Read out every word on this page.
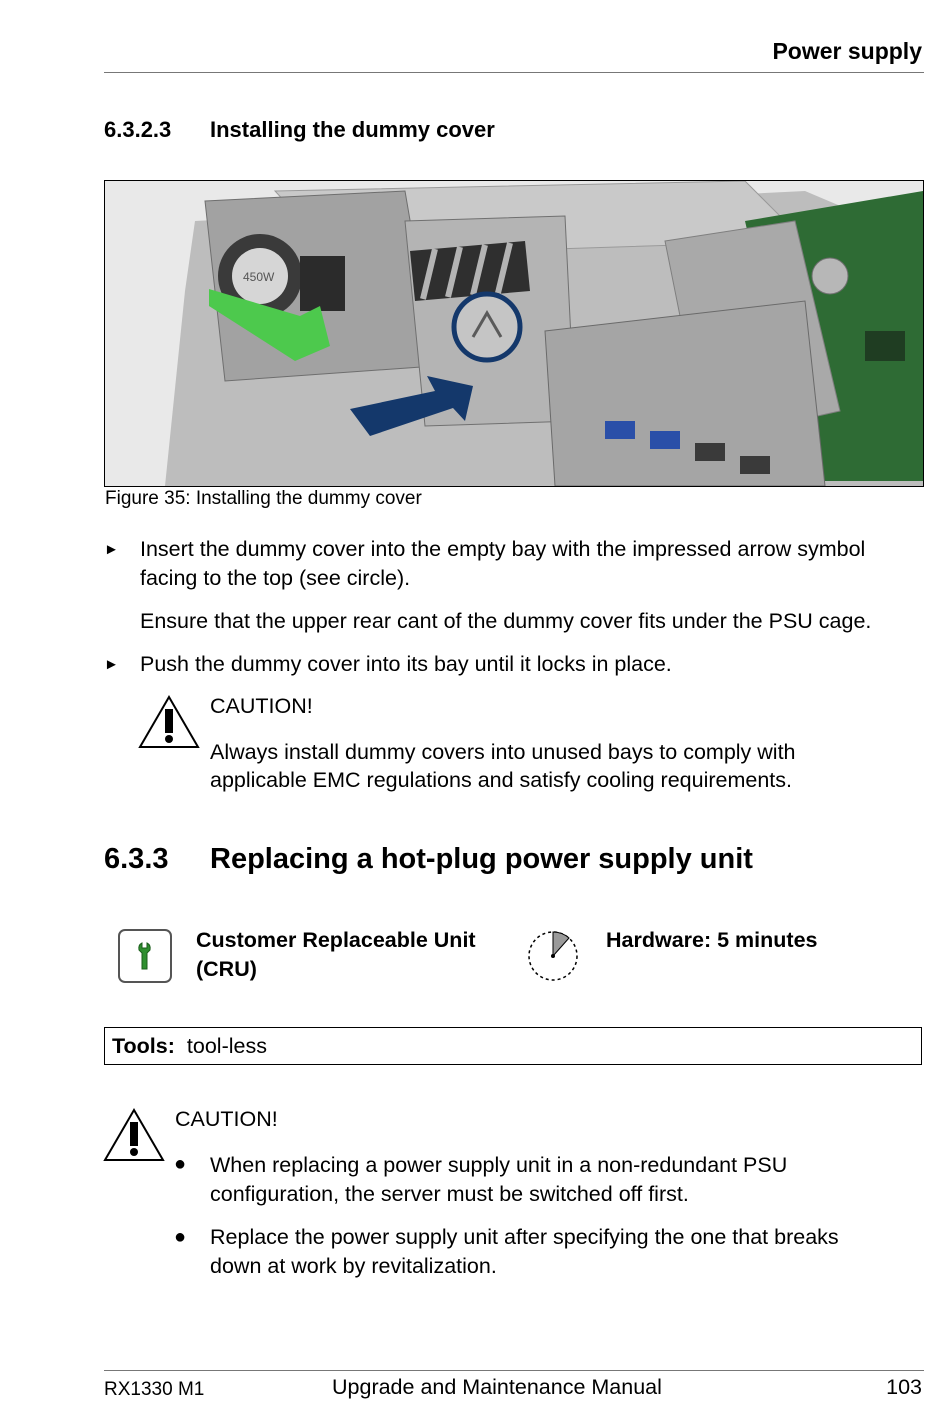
Power supply
6.3.2.3 Installing the dummy cover
450W
Figure 35: Installing the dummy cover
► Insert the dummy cover into the empty bay with the impressed arrow symbol
facing to the top (see circle).
Ensure that the upper rear cant of the dummy cover fits under the PSU cage.
► Push the dummy cover into its bay until it locks in place.
CAUTION!
Always install dummy covers into unused bays to comply with
applicable EMC regulations and satisfy cooling requirements.
6.3.3 Replacing a hot-plug power supply unit
Customer Replaceable Unit
(CRU)
Hardware: 5 minutes
Tools: tool-less
CAUTION!
● When replacing a power supply unit in a non-redundant PSU
configuration, the server must be switched off first.
● Replace the power supply unit after specifying the one that breaks
down at work by revitalization.
RX1330 M1	Upgrade and Maintenance Manual	103
